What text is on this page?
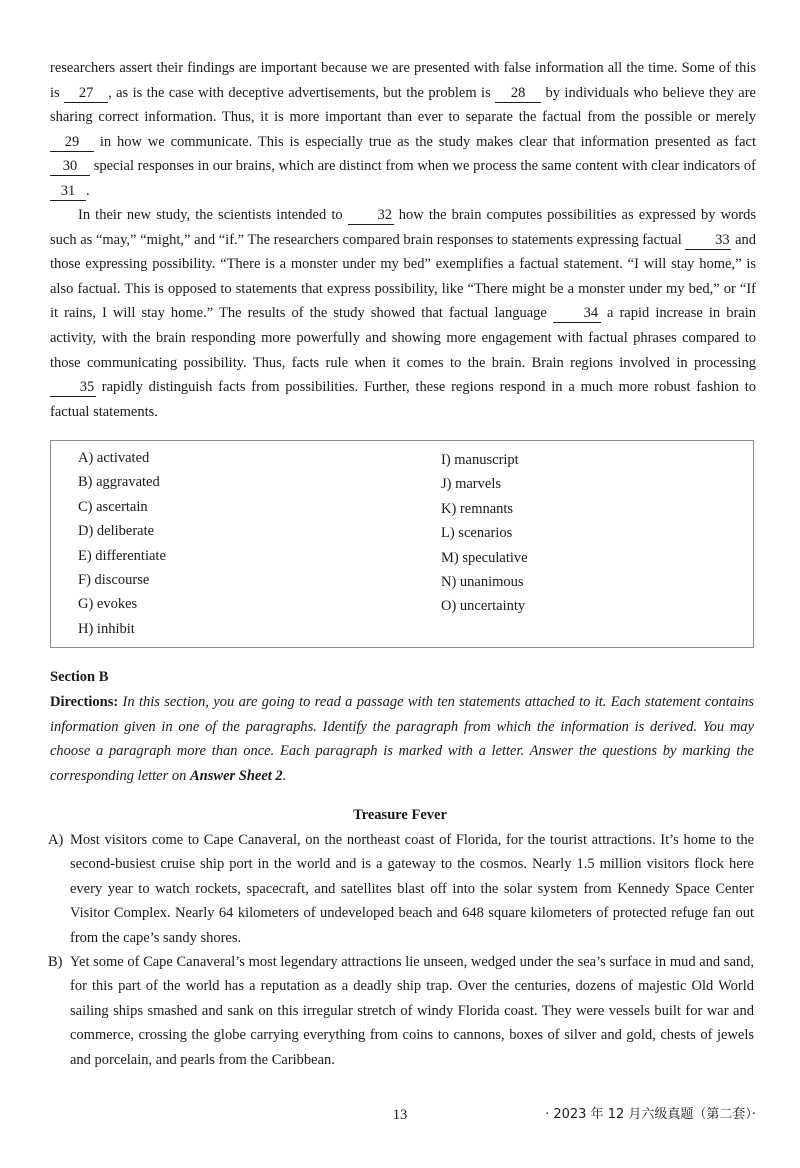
researchers assert their findings are important because we are presented with false information all the time. Some of this is 27 , as is the case with deceptive advertisements, but the problem is 28 by individuals who believe they are sharing correct information. Thus, it is more important than ever to separate the factual from the possible or merely 29 in how we communicate. This is especially true as the study makes clear that information presented as fact 30 special responses in our brains, which are distinct from when we process the same content with clear indicators of 31 .

In their new study, the scientists intended to 32 how the brain computes possibilities as expressed by words such as “may,” “might,” and “if.” The researchers compared brain responses to statements expressing factual 33 and those expressing possibility. “There is a monster under my bed” exemplifies a factual statement. “I will stay home,” is also factual. This is opposed to statements that express possibility, like “There might be a monster under my bed,” or “If it rains, I will stay home.” The results of the study showed that factual language 34 a rapid increase in brain activity, with the brain responding more powerfully and showing more engagement with factual phrases compared to those communicating possibility. Thus, facts rule when it comes to the brain. Brain regions involved in processing 35 rapidly distinguish facts from possibilities. Further, these regions respond in a much more robust fashion to factual statements.

A) activated
B) aggravated
C) ascertain
D) deliberate
E) differentiate
F) discourse
G) evokes
H) inhibit
I) manuscript
J) marvels
K) remnants
L) scenarios
M) speculative
N) unanimous
O) uncertainty

Section B

Directions: In this section, you are going to read a passage with ten statements attached to it. Each statement contains information given in one of the paragraphs. Identify the paragraph from which the information is derived. You may choose a paragraph more than once. Each paragraph is marked with a letter. Answer the questions by marking the corresponding letter on Answer Sheet 2.

Treasure Fever

A) Most visitors come to Cape Canaveral, on the northeast coast of Florida, for the tourist attractions. It’s home to the second-busiest cruise ship port in the world and is a gateway to the cosmos. Nearly 1.5 million visitors flock here every year to watch rockets, spacecraft, and satellites blast off into the solar system from Kennedy Space Center Visitor Complex. Nearly 64 kilometers of undeveloped beach and 648 square kilometers of protected refuge fan out from the cape’s sandy shores.

B) Yet some of Cape Canaveral’s most legendary attractions lie unseen, wedged under the sea’s surface in mud and sand, for this part of the world has a reputation as a deadly ship trap. Over the centuries, dozens of majestic Old World sailing ships smashed and sank on this irregular stretch of windy Florida coast. They were vessels built for war and commerce, crossing the globe carrying everything from coins to cannons, boxes of silver and gold, chests of jewels and porcelain, and pearls from the Caribbean.

13	· 2023 年 12 月六级真题（第二套）·
